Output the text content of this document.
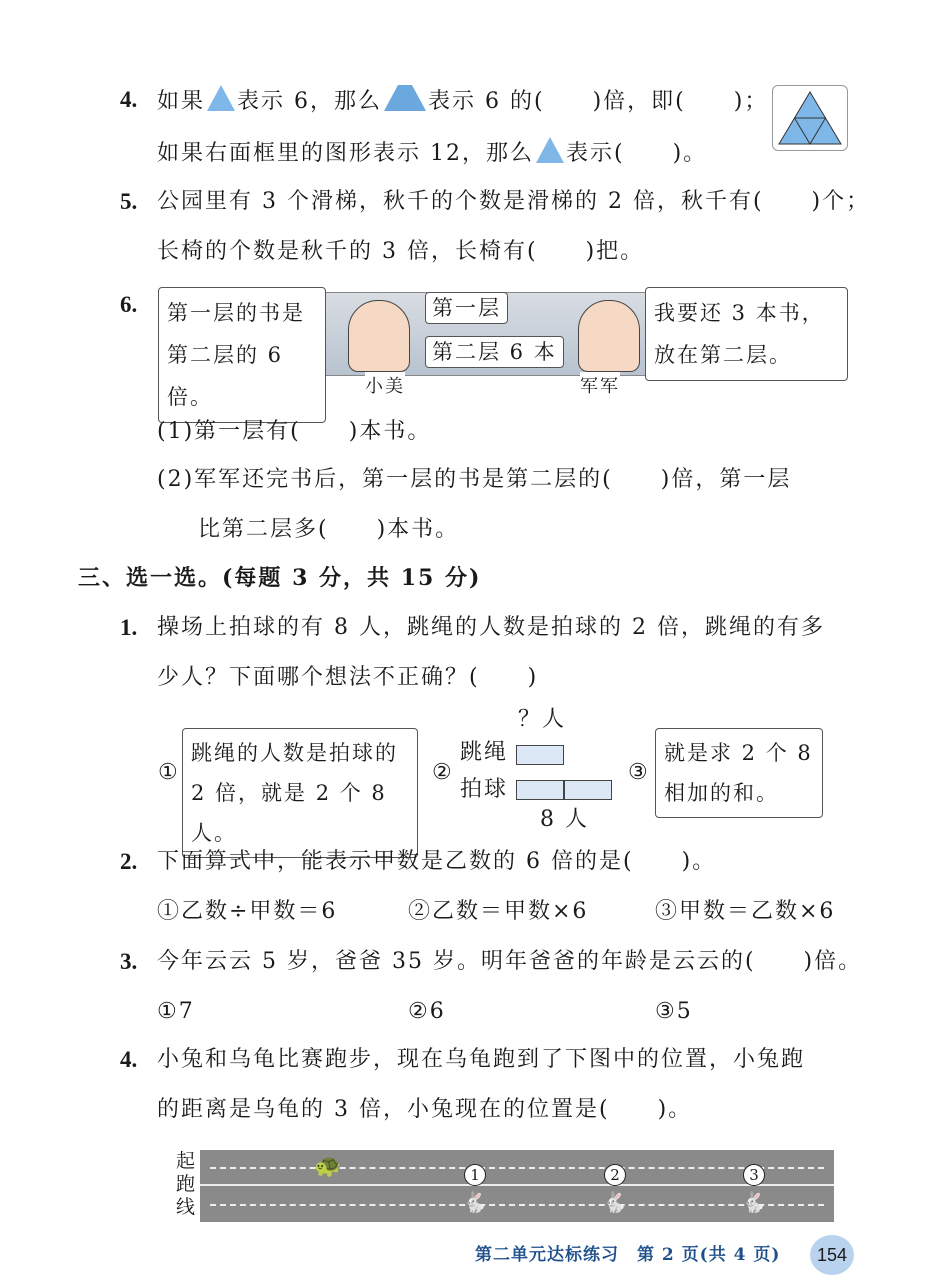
4. 如果 表示 6，那么 表示 6 的(　　)倍，即(　　)；
如果右面框里的图形表示 12，那么 表示(　　)。
5. 公园里有 3 个滑梯，秋千的个数是滑梯的 2 倍，秋千有(　　)个；
长椅的个数是秋千的 3 倍，长椅有(　　)把。
6. 第一层的书是
第二层的 6 倍。
第一层
第二层 6 本
我要还 3 本书，
放在第二层。
小美	军军
(1)第一层有(　　)本书。
(2)军军还完书后，第一层的书是第二层的(　　)倍，第一层
比第二层多(　　)本书。
三、选一选。(每题 3 分，共 15 分)
1. 操场上拍球的有 8 人，跳绳的人数是拍球的 2 倍，跳绳的有多
少人？下面哪个想法不正确？(　　)
①
跳绳的人数是拍球的
2 倍，就是 2 个 8 人。
②
？人
跳绳
拍球
8 人
③
就是求 2 个 8
相加的和。
2. 下面算式中，能表示甲数是乙数的 6 倍的是(　　)。
①乙数÷甲数＝6	②乙数＝甲数×6	③甲数＝乙数×6
3. 今年云云 5 岁，爸爸 35 岁。明年爸爸的年龄是云云的(　　)倍。
①7	②6	③5
4. 小兔和乌龟比赛跑步，现在乌龟跑到了下图中的位置，小兔跑
的距离是乌龟的 3 倍，小兔现在的位置是(　　)。
起跑线
🐢	1	2	3
🐇	🐇	🐇
第二单元达标练习　第 2 页(共 4 页)	154
